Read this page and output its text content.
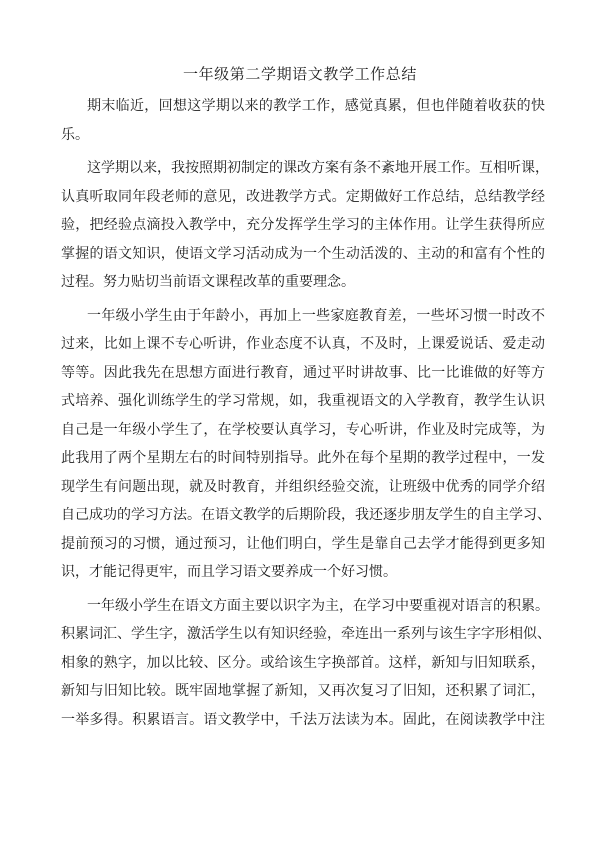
一年级第二学期语文教学工作总结
期末临近，回想这学期以来的教学工作，感觉真累，但也伴随着收获的快
乐。
这学期以来，我按照期初制定的课改方案有条不紊地开展工作。互相听课，
认真听取同年段老师的意见，改进教学方式。定期做好工作总结，总结教学经
验，把经验点滴投入教学中，充分发挥学生学习的主体作用。让学生获得所应
掌握的语文知识，使语文学习活动成为一个生动活泼的、主动的和富有个性的
过程。努力贴切当前语文课程改革的重要理念。
一年级小学生由于年龄小，再加上一些家庭教育差，一些坏习惯一时改不
过来，比如上课不专心听讲，作业态度不认真，不及时，上课爱说话、爱走动
等等。因此我先在思想方面进行教育，通过平时讲故事、比一比谁做的好等方
式培养、强化训练学生的学习常规，如，我重视语文的入学教育，教学生认识
自己是一年级小学生了，在学校要认真学习，专心听讲，作业及时完成等，为
此我用了两个星期左右的时间特别指导。此外在每个星期的教学过程中，一发
现学生有问题出现，就及时教育，并组织经验交流，让班级中优秀的同学介绍
自己成功的学习方法。在语文教学的后期阶段，我还逐步朋友学生的自主学习、
提前预习的习惯，通过预习，让他们明白，学生是靠自己去学才能得到更多知
识，才能记得更牢，而且学习语文要养成一个好习惯。
一年级小学生在语文方面主要以识字为主，在学习中要重视对语言的积累。
积累词汇、学生字，激活学生以有知识经验，牵连出一系列与该生字字形相似、
相象的熟字，加以比较、区分。或给该生字换部首。这样，新知与旧知联系，
新知与旧知比较。既牢固地掌握了新知，又再次复习了旧知，还积累了词汇，
一举多得。积累语言。语文教学中，千法万法读为本。固此，在阅读教学中注
